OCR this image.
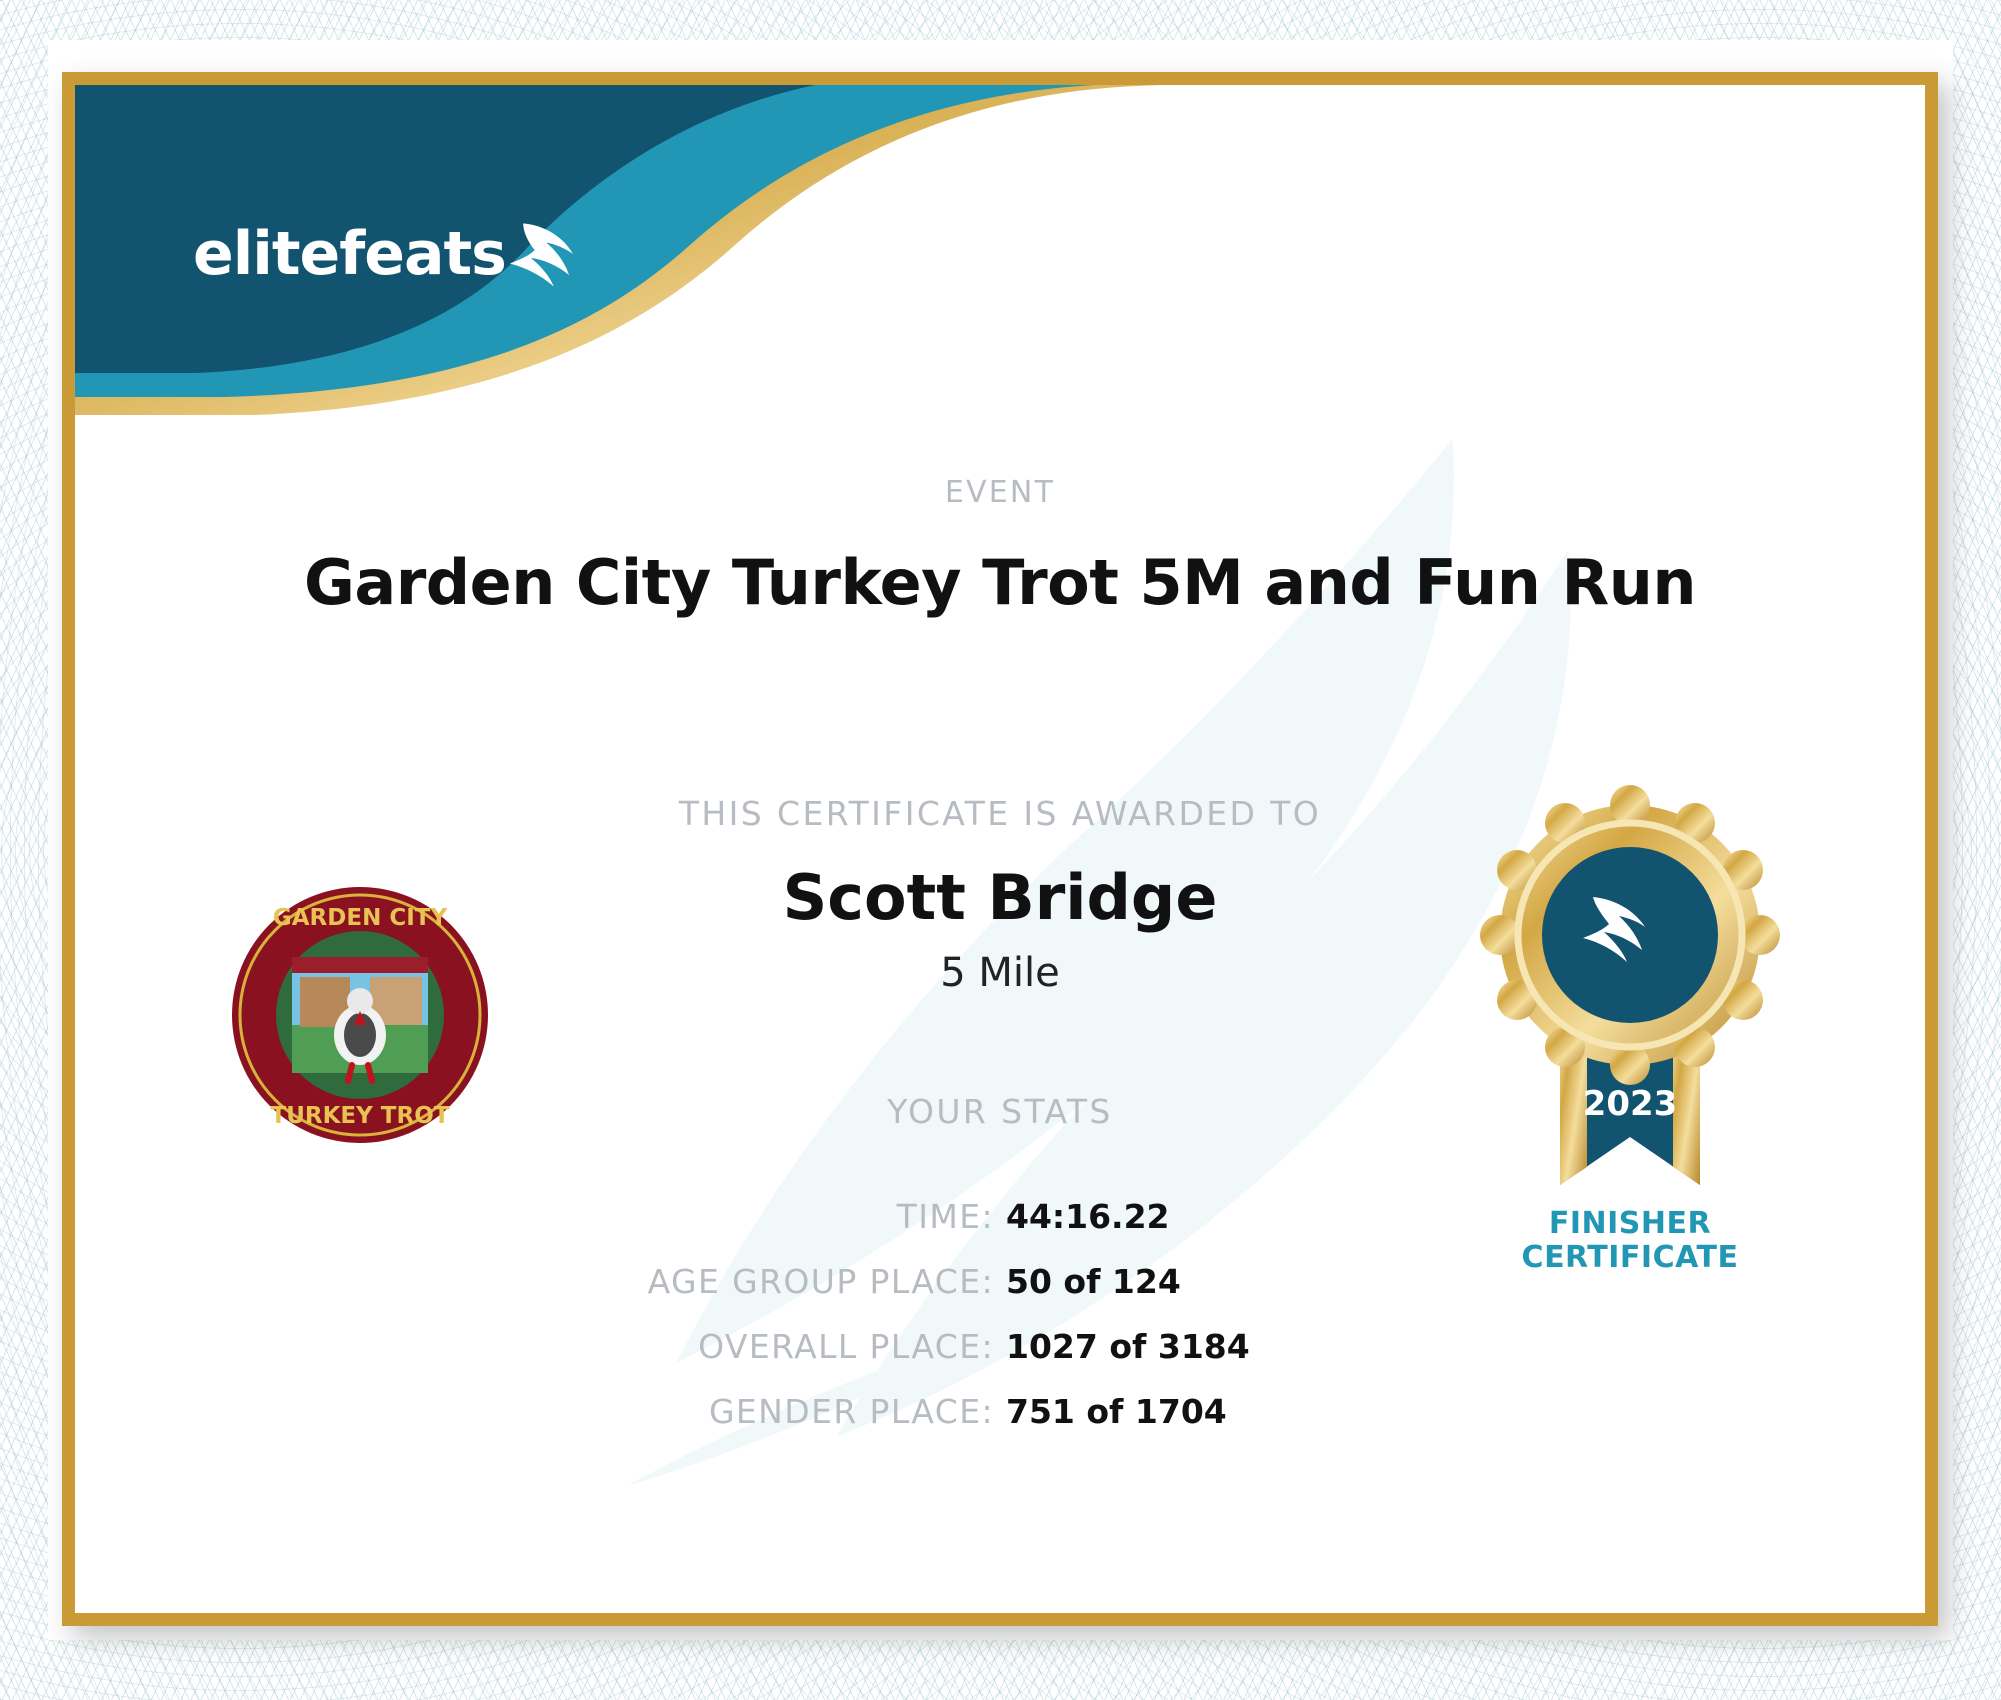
elitefeats
EVENT
Garden City Turkey Trot 5M and Fun Run
THIS CERTIFICATE IS AWARDED TO
Scott Bridge
5 Mile
YOUR STATS
TIME: 44:16.22
AGE GROUP PLACE: 50 of 124
OVERALL PLACE: 1027 of 3184
GENDER PLACE: 751 of 1704
GARDEN CITY
TURKEY TROT	2023
FINISHER
CERTIFICATE
